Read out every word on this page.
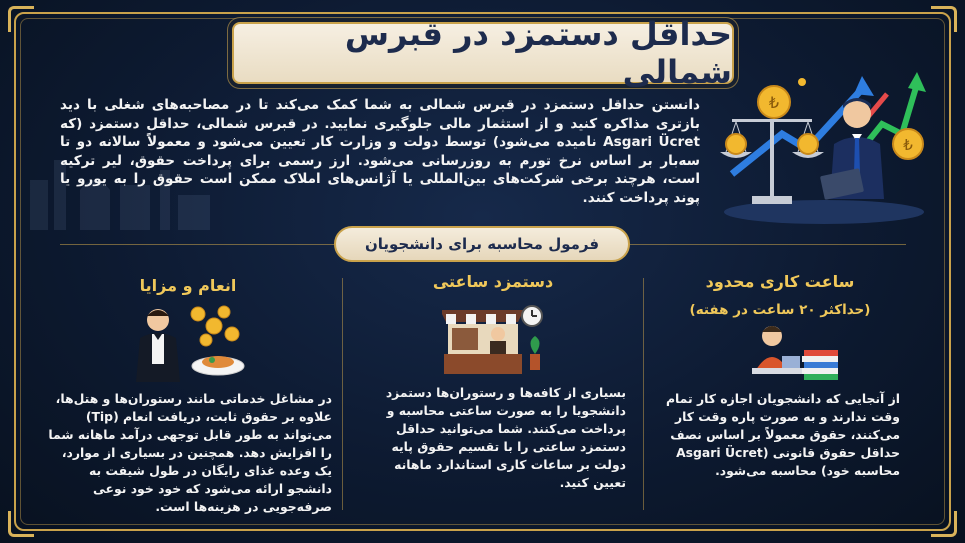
حداقل دستمزد در قبرس شمالی

دانستن حداقل دستمزد در قبرس شمالی به شما کمک می‌کند تا در مصاحبه‌های شغلی با دید بازتری مذاکره کنید و از استثمار مالی جلوگیری نمایید. در قبرس شمالی، حداقل دستمزد (که Asgari Ücret نامیده می‌شود) توسط دولت و وزارت کار تعیین می‌شود و معمولاً سالانه دو تا سه‌بار بر اساس نرخ تورم به روزرسانی می‌شود. ارز رسمی برای پرداخت حقوق، لیر ترکیه است، هرچند برخی شرکت‌های بین‌المللی یا آژانس‌های املاک ممکن است حقوق را به یورو یا پوند پرداخت کنند.

₺
₺
فرمول محاسبه برای دانشجویان
ساعت کاری محدود
(حداکثر ۲۰ ساعت در هفته)

از آنجایی که دانشجویان اجازه کار تمام وقت ندارند و به صورت پاره وقت کار می‌کنند، حقوق معمولاً بر اساس نصف حداقل حقوق قانونی (Asgari Ücret محاسبه خود) محاسبه می‌شود.

دستمزد ساعتی

بسیاری از کافه‌ها و رستوران‌ها دستمزد دانشجویا را به صورت ساعتی محاسبه و پرداخت می‌کنند. شما می‌توانید حداقل دستمزد ساعتی را با تقسیم حقوق پایه دولت بر ساعات کاری استاندارد ماهانه تعیین کنید.

انعام و مزایا

در مشاغل خدماتی مانند رستوران‌ها و هتل‌ها، علاوه بر حقوق ثابت، دریافت انعام (Tip) می‌تواند به طور قابل توجهی درآمد ماهانه شما را افزایش دهد. همچنین در بسیاری از موارد، یک وعده غذای رایگان در طول شیفت به دانشجو ارائه می‌شود که خود خود نوعی صرفه‌جویی در هزینه‌ها است.
